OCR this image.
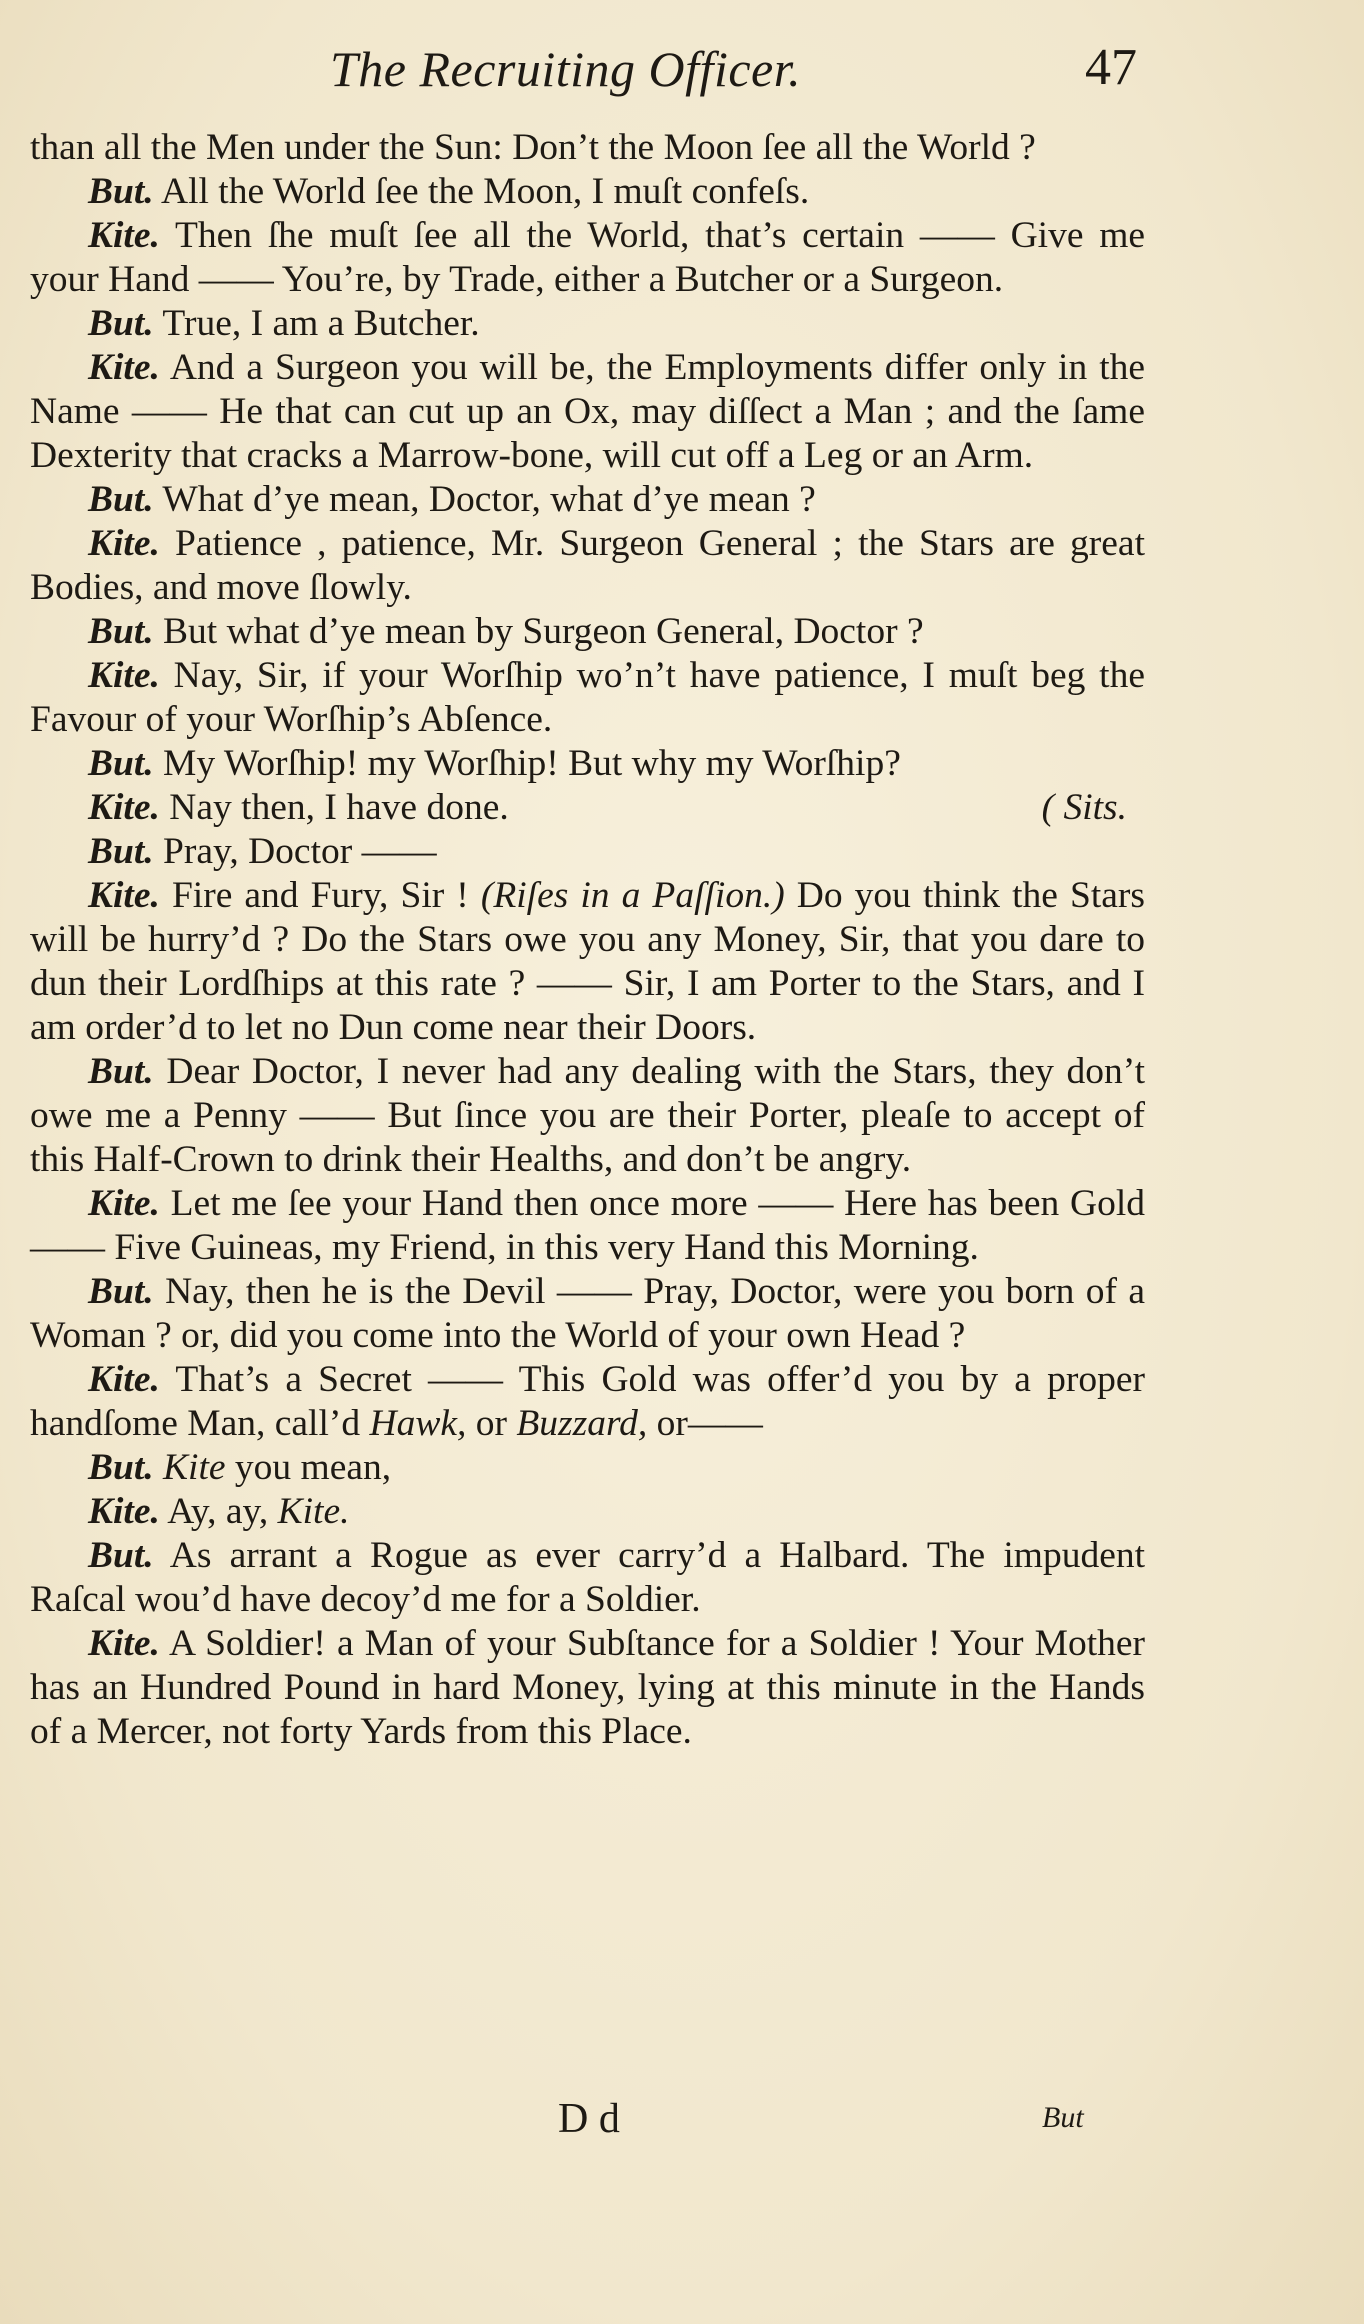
The Recruiting Officer.	47

than all the Men under the Sun: Don’t the Moon ſee all the World ?

But. All the World ſee the Moon, I muſt confeſs.

Kite. Then ſhe muſt ſee all the World, that’s certain —— Give me your Hand —— You’re, by Trade, either a Butcher or a Surgeon.

But. True, I am a Butcher.

Kite. And a Surgeon you will be, the Employments differ only in the Name —— He that can cut up an Ox, may diſſect a Man ; and the ſame Dexterity that cracks a Marrow-bone, will cut off a Leg or an Arm.

But. What d’ye mean, Doctor, what d’ye mean ?

Kite. Patience , patience, Mr. Surgeon General ; the Stars are great Bodies, and move ſlowly.

But. But what d’ye mean by Surgeon General, Doctor ?

Kite. Nay, Sir, if your Worſhip wo’n’t have patience, I muſt beg the Favour of your Worſhip’s Abſence.

But. My Worſhip! my Worſhip! But why my Worſhip?

( Sits.
Kite. Nay then, I have done.

But. Pray, Doctor ——

Kite. Fire and Fury, Sir ! (Riſes in a Paſſion.) Do you think the Stars will be hurry’d ? Do the Stars owe you any Money, Sir, that you dare to dun their Lordſhips at this rate ? —— Sir, I am Porter to the Stars, and I am order’d to let no Dun come near their Doors.

But. Dear Doctor, I never had any dealing with the Stars, they don’t owe me a Penny —— But ſince you are their Porter, pleaſe to accept of this Half-Crown to drink their Healths, and don’t be angry.

Kite. Let me ſee your Hand then once more —— Here has been Gold —— Five Guineas, my Friend, in this very Hand this Morning.

But. Nay, then he is the Devil —— Pray, Doctor, were you born of a Woman ? or, did you come into the World of your own Head ?

Kite. That’s a Secret —— This Gold was offer’d you by a proper handſome Man, call’d Hawk, or Buzzard, or——

But. Kite you mean,

Kite. Ay, ay, Kite.

But. As arrant a Rogue as ever carry’d a Halbard. The impudent Raſcal wou’d have decoy’d me for a Soldier.

Kite. A Soldier! a Man of your Subſtance for a Soldier ! Your Mother has an Hundred Pound in hard Money, lying at this minute in the Hands of a Mercer, not forty Yards from this Place.

D d	But
